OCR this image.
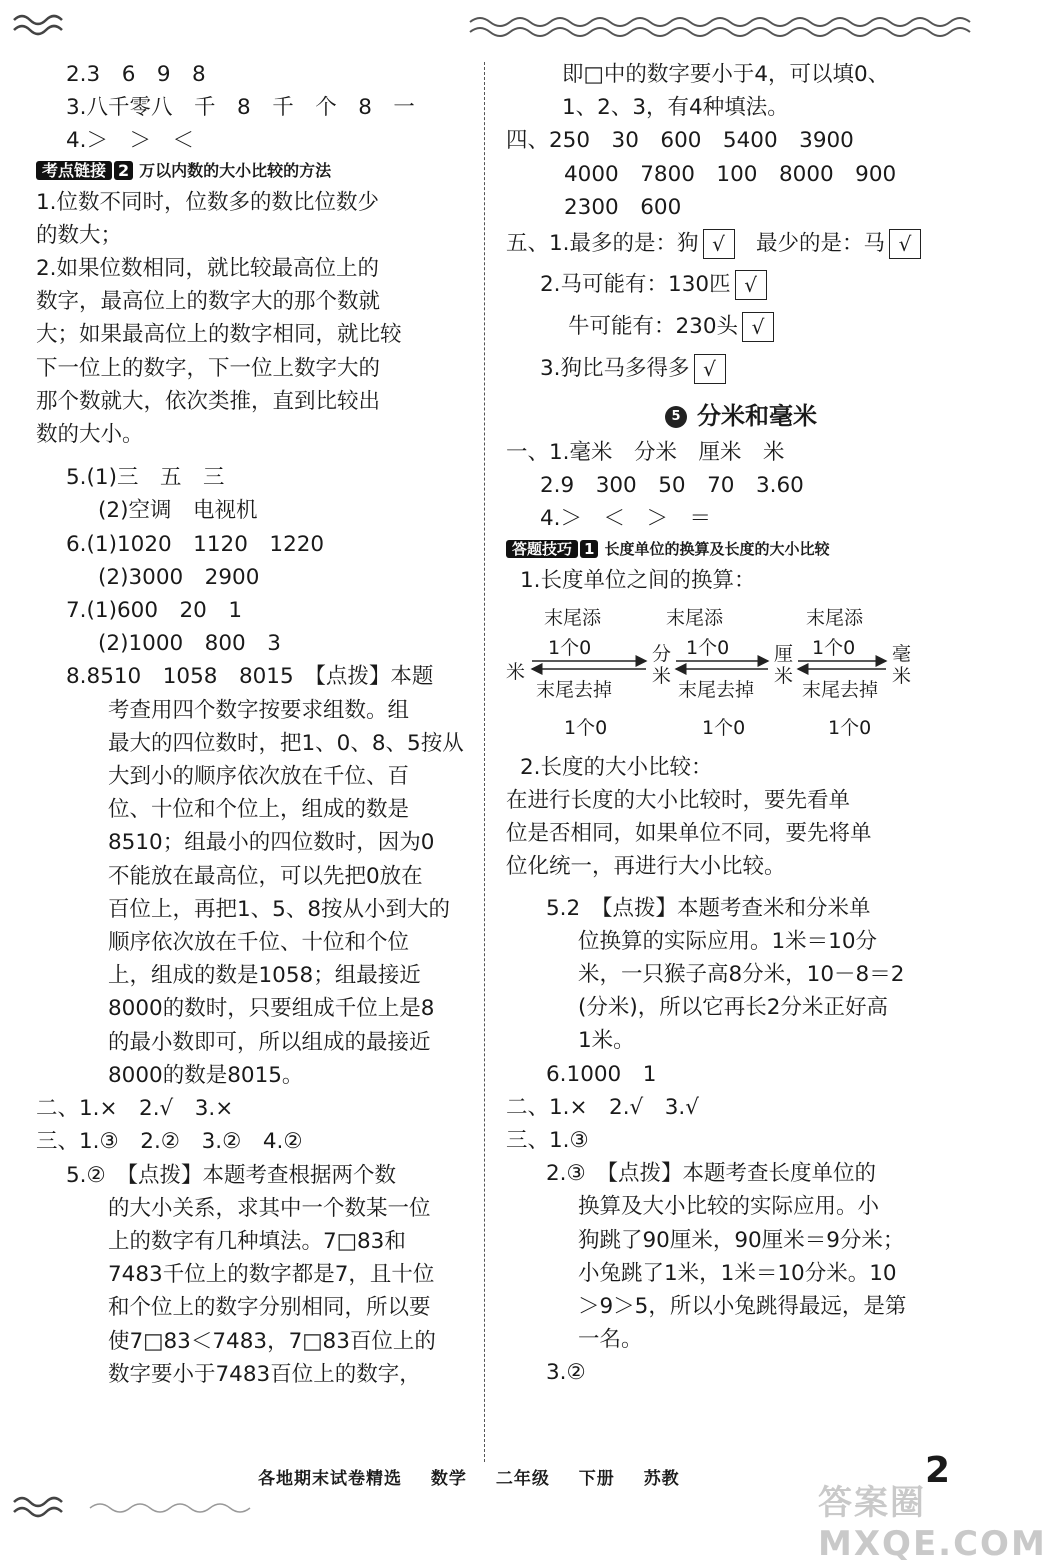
2.3　6　9　8
3.八千零八　千　8　千　个　8　一
4.＞　＞　＜
考点链接 2 万以内数的大小比较的方法
1.位数不同时，位数多的数比位数少
的数大；
2.如果位数相同，就比较最高位上的
数字，最高位上的数字大的那个数就
大；如果最高位上的数字相同，就比较
下一位上的数字，下一位上数字大的
那个数就大，依次类推，直到比较出
数的大小。
5.(1)三　五　三
(2)空调　电视机
6.(1)1020　1120　1220
(2)3000　2900
7.(1)600　20　1
(2)1000　800　3
8.8510　1058　8015　【点拨】本题
考查用四个数字按要求组数。组
最大的四位数时，把1、0、8、5按从
大到小的顺序依次放在千位、百
位、十位和个位上，组成的数是
8510；组最小的四位数时，因为0
不能放在最高位，可以先把0放在
百位上，再把1、5、8按从小到大的
顺序依次放在千位、十位和个位
上，组成的数是1058；组最接近
8000的数时，只要组成千位上是8
的最小数即可，所以组成的最接近
8000的数是8015。
二、1.×　2.√　3.×
三、1.③　2.②　3.②　4.②
5.②　【点拨】本题考查根据两个数
的大小关系，求其中一个数某一位
上的数字有几种填法。7□83和
7483千位上的数字都是7，且十位
和个位上的数字分别相同，所以要
使7□83＜7483，7□83百位上的
数字要小于7483百位上的数字，
即□中的数字要小于4，可以填0、
1、2、3，有4种填法。
四、250　30　600　5400　3900
4000　7800　100　8000　900
2300　600
五、1.最多的是：狗 √　 最少的是：马 √
2.马可能有：130匹 √
牛可能有：230头 √
3.狗比马多得多 √
5 分米和毫米
一、1.毫米　分米　厘米　米
2.9　300　50　70　3.60
4.＞　＜　＞　＝
答题技巧 1 长度单位的换算及长度的大小比较
1.长度单位之间的换算：
米
分米
厘米
毫米
末尾添	末尾添	末尾添
1个0	1个0	1个0
末尾去掉	末尾去掉	末尾去掉
1个0	1个0	1个0
2.长度的大小比较：
在进行长度的大小比较时，要先看单
位是否相同，如果单位不同，要先将单
位化统一，再进行大小比较。
5.2　【点拨】本题考查米和分米单
位换算的实际应用。1米＝10分
米，一只猴子高8分米，10－8＝2
(分米)，所以它再长2分米正好高
1米。
6.1000　1
二、1.×　2.√　3.√
三、1.③
2.③　【点拨】本题考查长度单位的
换算及大小比较的实际应用。小
狗跳了90厘米，90厘米＝9分米；
小兔跳了1米，1米＝10分米。10
＞9＞5，所以小兔跳得最远，是第
一名。
3.②
各地期末试卷精选 数学 二年级 下册 苏教
答案圈 MXQE.COM
2
